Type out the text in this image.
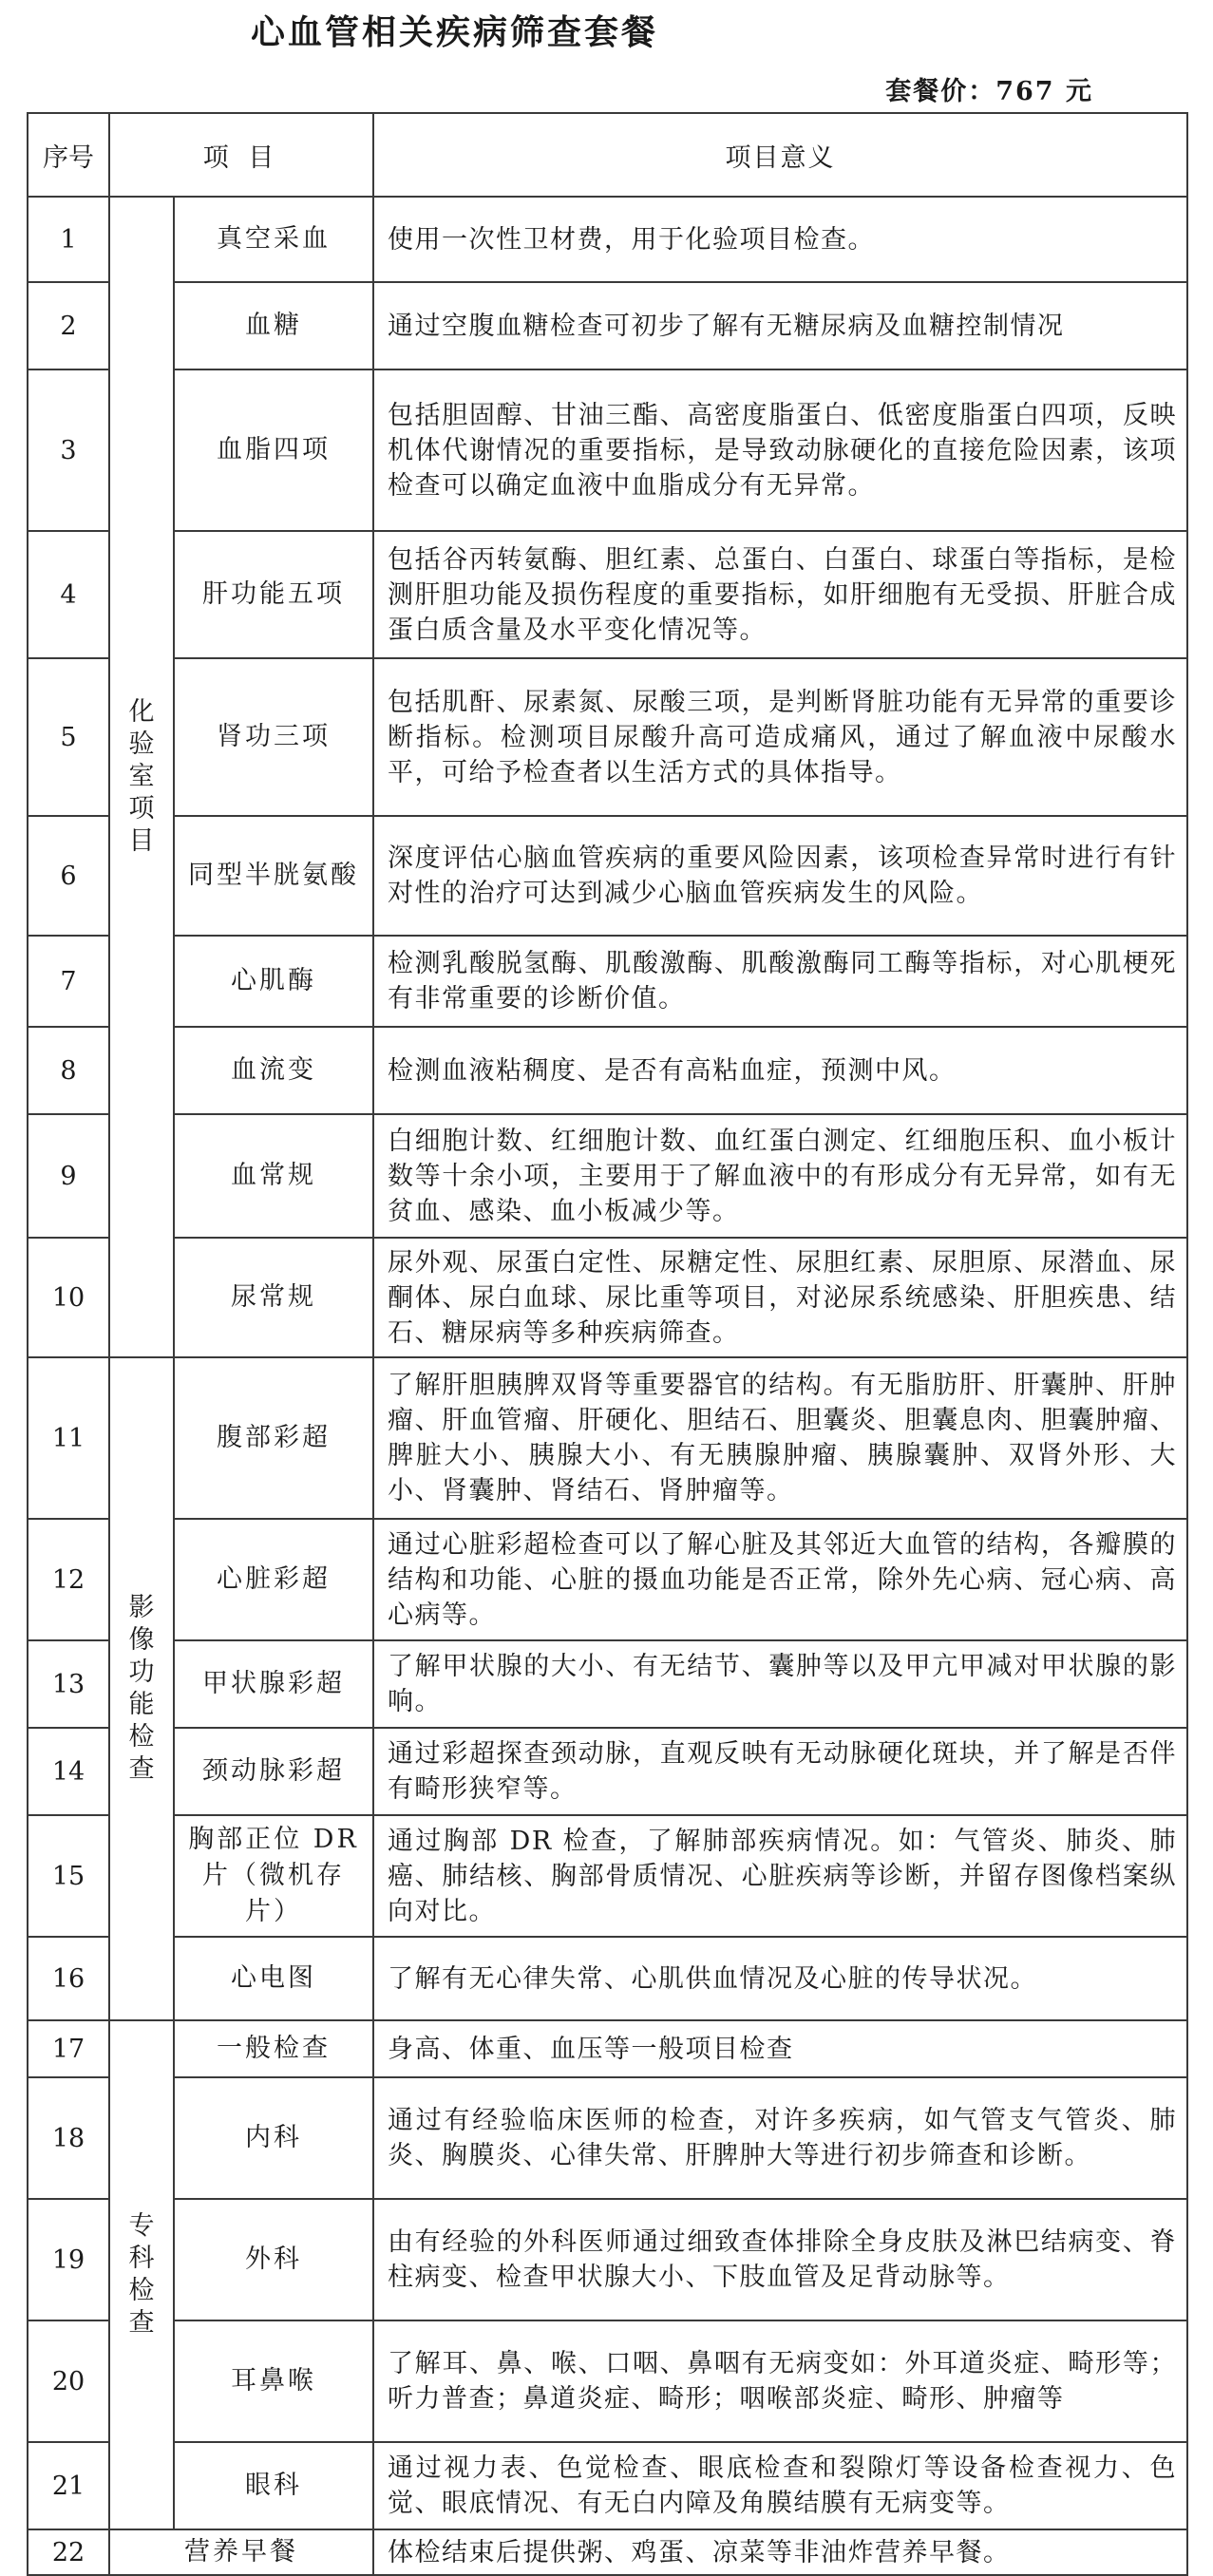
心血管相关疾病筛查套餐
套餐价：767 元
序号	项 目		项目意义
1	化验室项目	真空采血	使用一次性卫材费，用于化验项目检查。
2		血糖	通过空腹血糖检查可初步了解有无糖尿病及血糖控制情况
3		血脂四项	包括胆固醇、甘油三酯、高密度脂蛋白、低密度脂蛋白四项，反映机体代谢情况的重要指标，是导致动脉硬化的直接危险因素，该项检查可以确定血液中血脂成分有无异常。
4		肝功能五项	包括谷丙转氨酶、胆红素、总蛋白、白蛋白、球蛋白等指标，是检测肝胆功能及损伤程度的重要指标，如肝细胞有无受损、肝脏合成蛋白质含量及水平变化情况等。
5		肾功三项	包括肌酐、尿素氮、尿酸三项，是判断肾脏功能有无异常的重要诊断指标。检测项目尿酸升高可造成痛风，通过了解血液中尿酸水平，可给予检查者以生活方式的具体指导。
6		同型半胱氨酸	深度评估心脑血管疾病的重要风险因素，该项检查异常时进行有针对性的治疗可达到减少心脑血管疾病发生的风险。
7		心肌酶	检测乳酸脱氢酶、肌酸激酶、肌酸激酶同工酶等指标，对心肌梗死有非常重要的诊断价值。
8		血流变	检测血液粘稠度、是否有高粘血症，预测中风。
9		血常规	白细胞计数、红细胞计数、血红蛋白测定、红细胞压积、血小板计数等十余小项，主要用于了解血液中的有形成分有无异常，如有无贫血、感染、血小板减少等。
10		尿常规	尿外观、尿蛋白定性、尿糖定性、尿胆红素、尿胆原、尿潜血、尿酮体、尿白血球、尿比重等项目，对泌尿系统感染、肝胆疾患、结石、糖尿病等多种疾病筛查。
11	影像功能检查	腹部彩超	了解肝胆胰脾双肾等重要器官的结构。有无脂肪肝、肝囊肿、肝肿瘤、肝血管瘤、肝硬化、胆结石、胆囊炎、胆囊息肉、胆囊肿瘤、脾脏大小、胰腺大小、有无胰腺肿瘤、胰腺囊肿、双肾外形、大小、肾囊肿、肾结石、肾肿瘤等。
12		心脏彩超	通过心脏彩超检查可以了解心脏及其邻近大血管的结构，各瓣膜的结构和功能、心脏的摄血功能是否正常，除外先心病、冠心病、高心病等。
13		甲状腺彩超	了解甲状腺的大小、有无结节、囊肿等以及甲亢甲减对甲状腺的影响。
14		颈动脉彩超	通过彩超探查颈动脉，直观反映有无动脉硬化斑块，并了解是否伴有畸形狭窄等。
15		胸部正位 DR 片（微机存片）	通过胸部 DR 检查，了解肺部疾病情况。如：气管炎、肺炎、肺癌、肺结核、胸部骨质情况、心脏疾病等诊断，并留存图像档案纵向对比。
16		心电图	了解有无心律失常、心肌供血情况及心脏的传导状况。
17	专科检查	一般检查	身高、体重、血压等一般项目检查
18		内科	通过有经验临床医师的检查，对许多疾病，如气管支气管炎、肺炎、胸膜炎、心律失常、肝脾肿大等进行初步筛查和诊断。
19		外科	由有经验的外科医师通过细致查体排除全身皮肤及淋巴结病变、脊柱病变、检查甲状腺大小、下肢血管及足背动脉等。
20		耳鼻喉	了解耳、鼻、喉、口咽、鼻咽有无病变如：外耳道炎症、畸形等；听力普查；鼻道炎症、畸形；咽喉部炎症、畸形、肿瘤等
21		眼科	通过视力表、色觉检查、眼底检查和裂隙灯等设备检查视力、色觉、眼底情况、有无白内障及角膜结膜有无病变等。
22	营养早餐		体检结束后提供粥、鸡蛋、凉菜等非油炸营养早餐。
